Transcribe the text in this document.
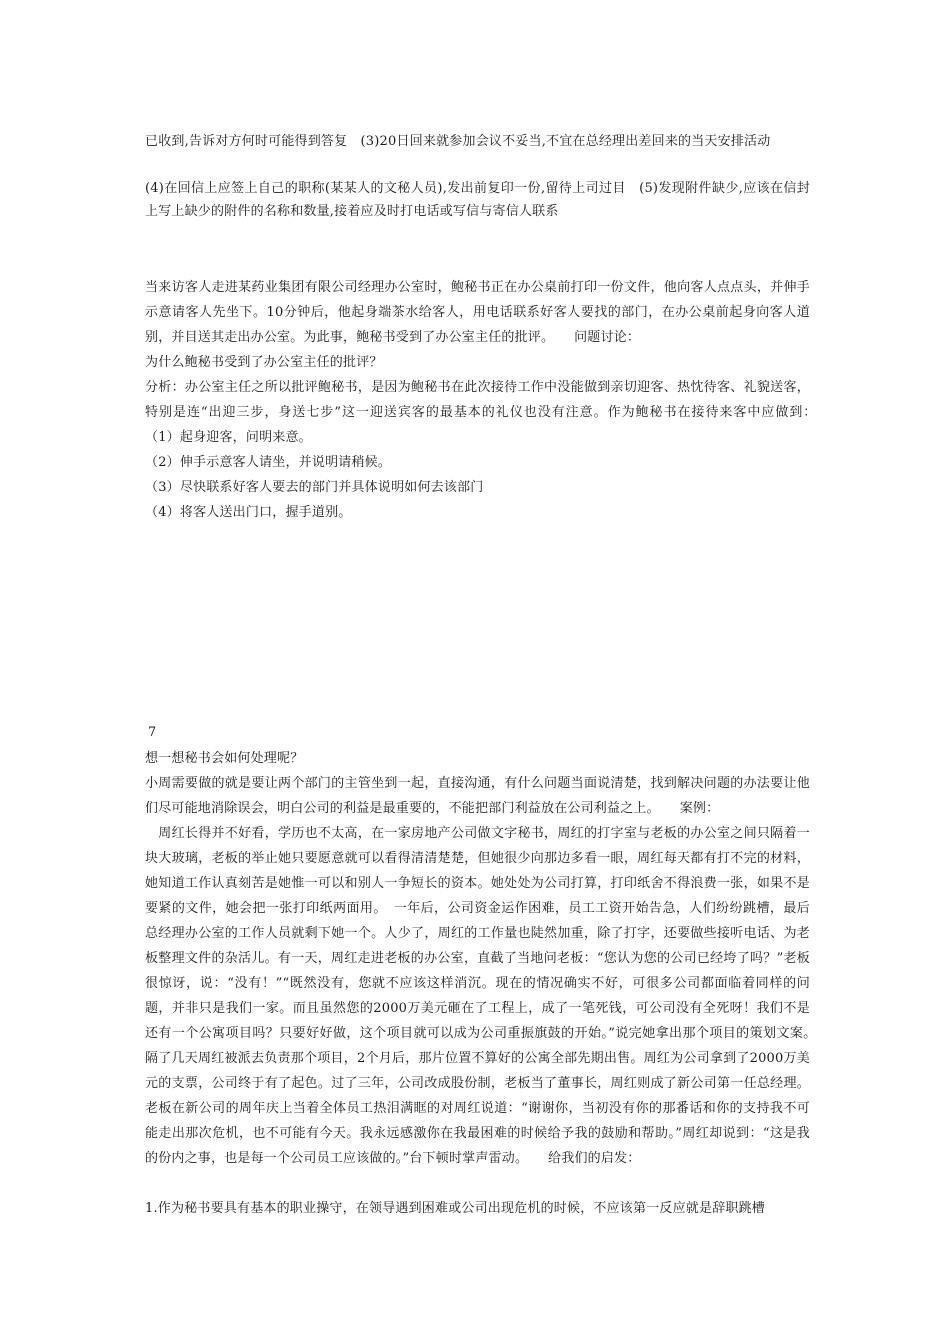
已收到,告诉对方何时可能得到答复　(3)20日回来就参加会议不妥当,不宜在总经理出差回来的当天安排活动
(4)在回信上应签上自己的职称(某某人的文秘人员),发出前复印一份,留待上司过目　(5)发现附件缺少,应该在信封上写上缺少的附件的名称和数量,接着应及时打电话或写信与寄信人联系
当来访客人走进某药业集团有限公司经理办公室时，鲍秘书正在办公桌前打印一份文件，他向客人点点头，并伸手示意请客人先坐下。10分钟后，他起身端茶水给客人，用电话联系好客人要找的部门，在办公桌前起身向客人道别，并目送其走出办公室。为此事，鲍秘书受到了办公室主任的批评。　　问题讨论：
为什么鲍秘书受到了办公室主任的批评？
分析：办公室主任之所以批评鲍秘书，是因为鲍秘书在此次接待工作中没能做到亲切迎客、热忱待客、礼貌送客，特别是连“出迎三步，身送七步”这一迎送宾客的最基本的礼仪也没有注意。作为鲍秘书在接待来客中应做到：　　　　（1）起身迎客，问明来意。
（2）伸手示意客人请坐，并说明请稍候。
（3）尽快联系好客人要去的部门并具体说明如何去该部门
（4）将客人送出门口，握手道别。
想一想秘书会如何处理呢？
小周需要做的就是要让两个部门的主管坐到一起，直接沟通，有什么问题当面说清楚，找到解决问题的办法要让他们尽可能地消除误会，明白公司的利益是最重要的，不能把部门利益放在公司利益之上。　　案例：
　周红长得并不好看，学历也不太高，在一家房地产公司做文字秘书，周红的打字室与老板的办公室之间只隔着一块大玻璃，老板的举止她只要愿意就可以看得清清楚楚，但她很少向那边多看一眼，周红每天都有打不完的材料，她知道工作认真刻苦是她惟一可以和别人一争短长的资本。她处处为公司打算，打印纸舍不得浪费一张，如果不是要紧的文件，她会把一张打印纸两面用。　一年后，公司资金运作困难，员工工资开始告急，人们纷纷跳槽，最后总经理办公室的工作人员就剩下她一个。人少了，周红的工作量也陡然加重，除了打字，还要做些接听电话、为老板整理文件的杂活儿。有一天，周红走进老板的办公室，直截了当地问老板：“您认为您的公司已经垮了吗？”老板很惊讶，说：“没有！”“既然没有，您就不应该这样消沉。现在的情况确实不好，可很多公司都面临着同样的问题，并非只是我们一家。而且虽然您的2000万美元砸在了工程上，成了一笔死钱，可公司没有全死呀！我们不是还有一个公寓项目吗？只要好好做，这个项目就可以成为公司重振旗鼓的开始。”说完她拿出那个项目的策划文案。　　隔了几天周红被派去负责那个项目，2个月后，那片位置不算好的公寓全部先期出售。周红为公司拿到了2000万美元的支票，公司终于有了起色。过了三年，公司改成股份制，老板当了董事长，周红则成了新公司第一任总经理。老板在新公司的周年庆上当着全体员工热泪满眶的对周红说道：“谢谢你，当初没有你的那番话和你的支持我不可能走出那次危机，也不可能有今天。我永远感激你在我最困难的时候给予我的鼓励和帮助。”周红却说到：“这是我的份内之事，也是每一个公司员工应该做的。”台下顿时掌声雷动。　　给我们的启发：
1.作为秘书要具有基本的职业操守，在领导遇到困难或公司出现危机的时候，不应该第一反应就是辞职跳槽
7
